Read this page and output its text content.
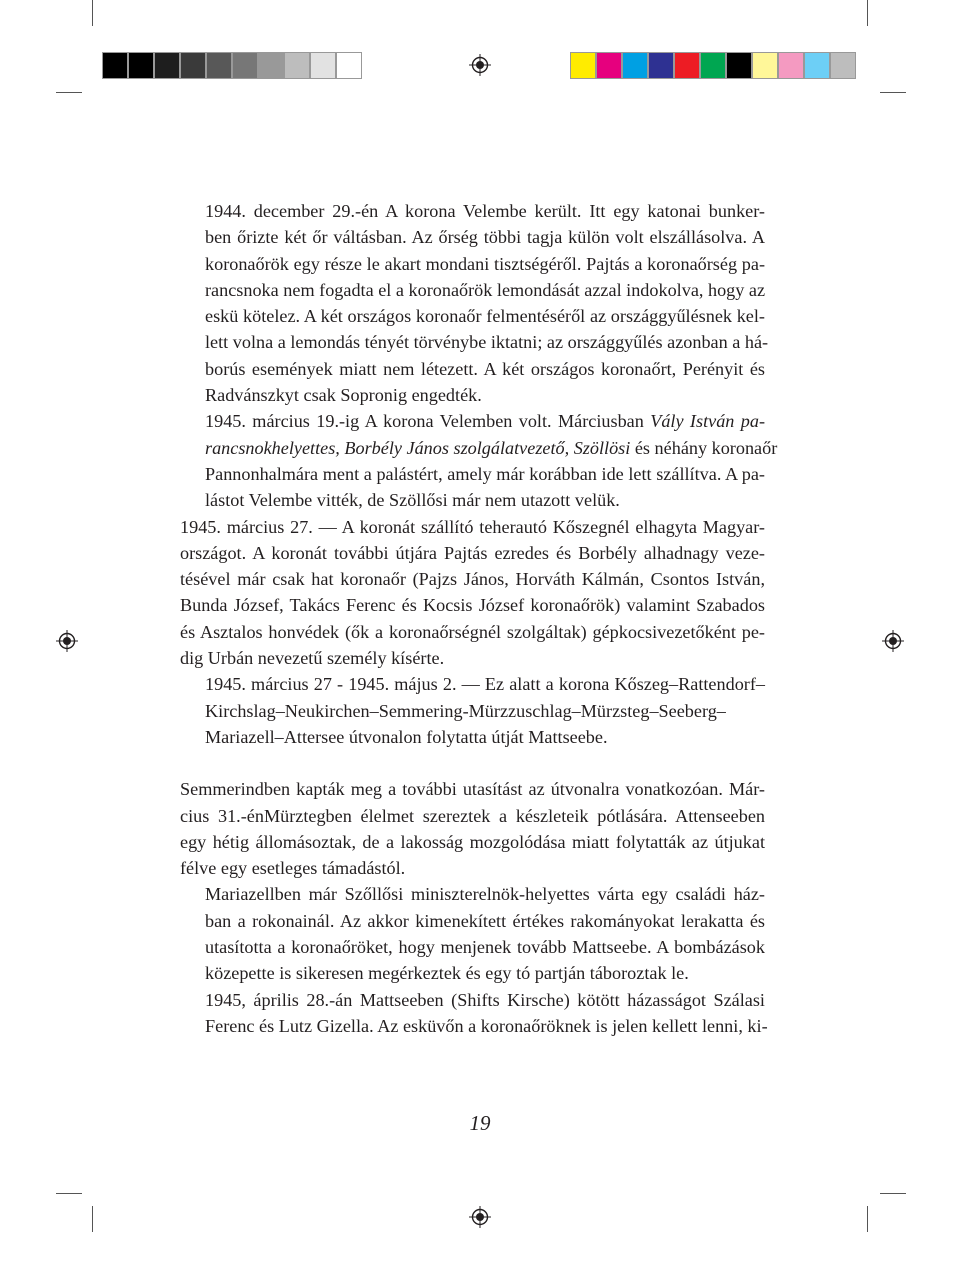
1944. december 29.-én A korona Velembe került. Itt egy katonai bunker-
ben őrizte két őr váltásban. Az őrség többi tagja külön volt elszállásolva. A
koronaőrök egy része le akart mondani tisztségéről. Pajtás a koronaőrség pa-
rancsnoka nem fogadta el a koronaőrök lemondását azzal indokolva, hogy az
eskü kötelez. A két országos koronaőr felmentéséről az országgyűlésnek kel-
lett volna a lemondás tényét törvénybe iktatni; az országgyűlés azonban a há-
borús események miatt nem létezett. A két országos koronaőrt, Perényit és
Radvánszkyt csak Sopronig engedték.

1945. március 19.-ig A korona Velemben volt. Márciusban Vály István pa-
rancsnokhelyettes, Borbély János szolgálatvezető, Szöllösi és néhány koronaőr
Pannonhalmára ment a palástért, amely már korábban ide lett szállítva. A pa-
lástot Velembe vitték, de Szöllősi már nem utazott velük.

1945. március 27. — A koronát szállító teherautó Kőszegnél elhagyta Magyar-
országot. A koronát további útjára Pajtás ezredes és Borbély alhadnagy veze-
tésével már csak hat koronaőr (Pajzs János, Horváth Kálmán, Csontos István,
Bunda József, Takács Ferenc és Kocsis József koronaőrök) valamint Szabados
és Asztalos honvédek (ők a koronaőrségnél szolgáltak) gépkocsivezetőként pe-
dig Urbán nevezetű személy kísérte.

1945. március 27 - 1945. május 2. — Ez alatt a korona Kőszeg–Rattendorf–
Kirchslag–Neukirchen–Semmering-Mürzzuschlag–Mürzsteg–Seeberg–
Mariazell–Attersee útvonalon folytatta útját Mattseebe.

Semmerindben kapták meg a további utasítást az útvonalra vonatkozóan. Már-
cius 31.-énMürztegben élelmet szereztek a készleteik pótlására. Attenseeben
egy hétig állomásoztak, de a lakosság mozgolódása miatt folytatták az útjukat
félve egy esetleges támadástól.

Mariazellben már Szőllősi miniszterelnök-helyettes várta egy családi ház-
ban a rokonainál. Az akkor kimenekített értékes rakományokat lerakatta és
utasította a koronaőröket, hogy menjenek tovább Mattseebe. A bombázások
közepette is sikeresen megérkeztek és egy tó partján táboroztak le.

1945, április 28.-án Mattseeben (Shifts Kirsche) kötött házasságot Szálasi
Ferenc és Lutz Gizella. Az esküvőn a koronaőröknek is jelen kellett lenni, ki-

19
